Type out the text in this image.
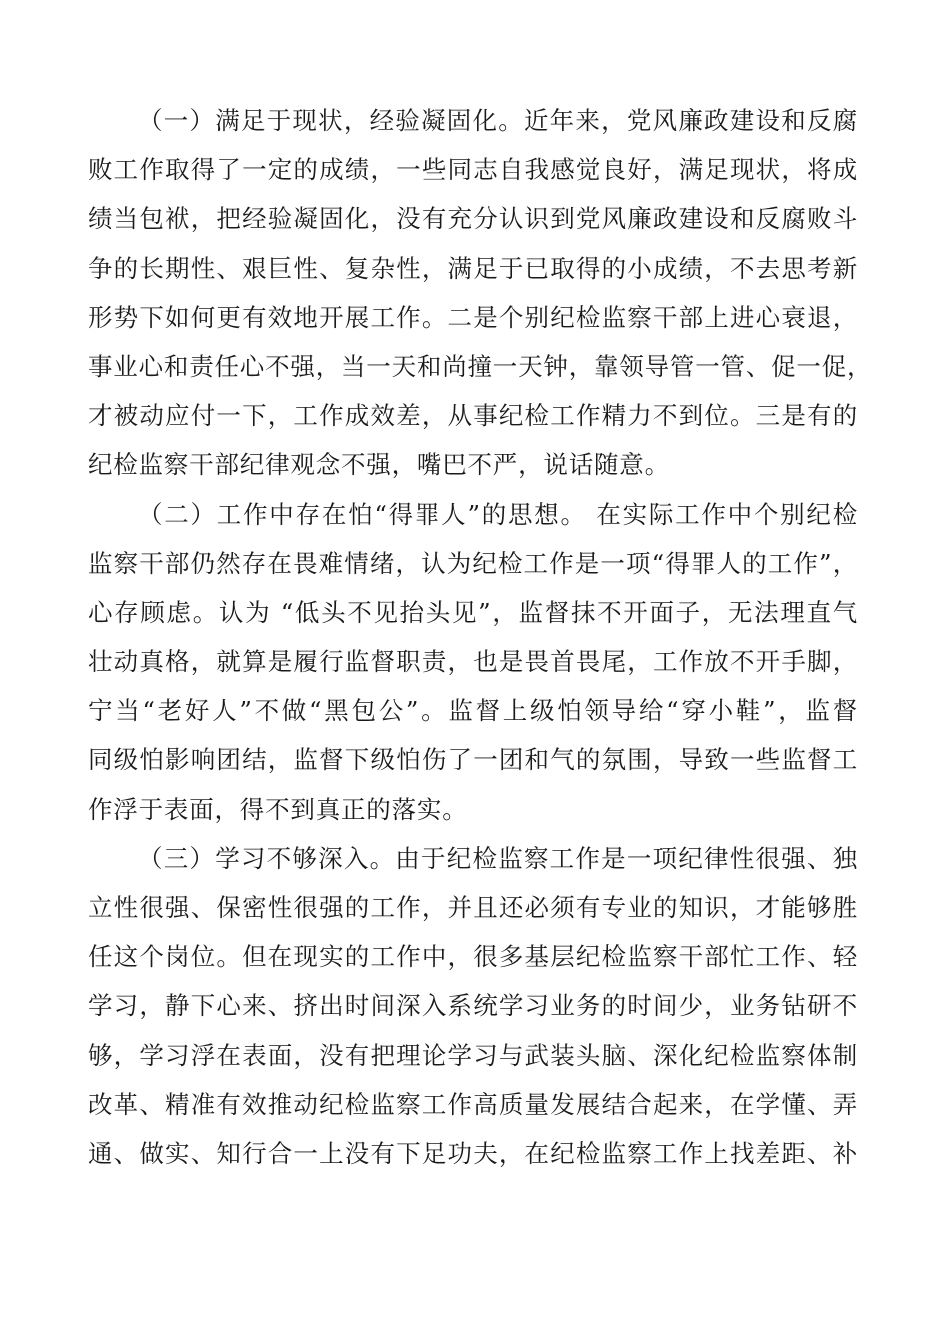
（一）满足于现状，经验凝固化。近年来，党风廉政建设和反腐
败工作取得了一定的成绩，一些同志自我感觉良好，满足现状，将成
绩当包袱，把经验凝固化，没有充分认识到党风廉政建设和反腐败斗
争的长期性、艰巨性、复杂性，满足于已取得的小成绩，不去思考新
形势下如何更有效地开展工作。二是个别纪检监察干部上进心衰退，
事业心和责任心不强，当一天和尚撞一天钟，靠领导管一管、促一促，
才被动应付一下，工作成效差，从事纪检工作精力不到位。三是有的
纪检监察干部纪律观念不强，嘴巴不严，说话随意。
（二）工作中存在怕“得罪人”的思想。 在实际工作中个别纪检
监察干部仍然存在畏难情绪，认为纪检工作是一项“得罪人的工作”，
心存顾虑。认为 “低头不见抬头见”，监督抹不开面子，无法理直气
壮动真格，就算是履行监督职责，也是畏首畏尾，工作放不开手脚，
宁当“老好人”不做“黑包公”。监督上级怕领导给“穿小鞋”，监督
同级怕影响团结，监督下级怕伤了一团和气的氛围，导致一些监督工
作浮于表面，得不到真正的落实。
（三）学习不够深入。由于纪检监察工作是一项纪律性很强、独
立性很强、保密性很强的工作，并且还必须有专业的知识，才能够胜
任这个岗位。但在现实的工作中，很多基层纪检监察干部忙工作、轻
学习，静下心来、挤出时间深入系统学习业务的时间少，业务钻研不
够，学习浮在表面，没有把理论学习与武装头脑、深化纪检监察体制
改革、精准有效推动纪检监察工作高质量发展结合起来，在学懂、弄
通、做实、知行合一上没有下足功夫，在纪检监察工作上找差距、补
